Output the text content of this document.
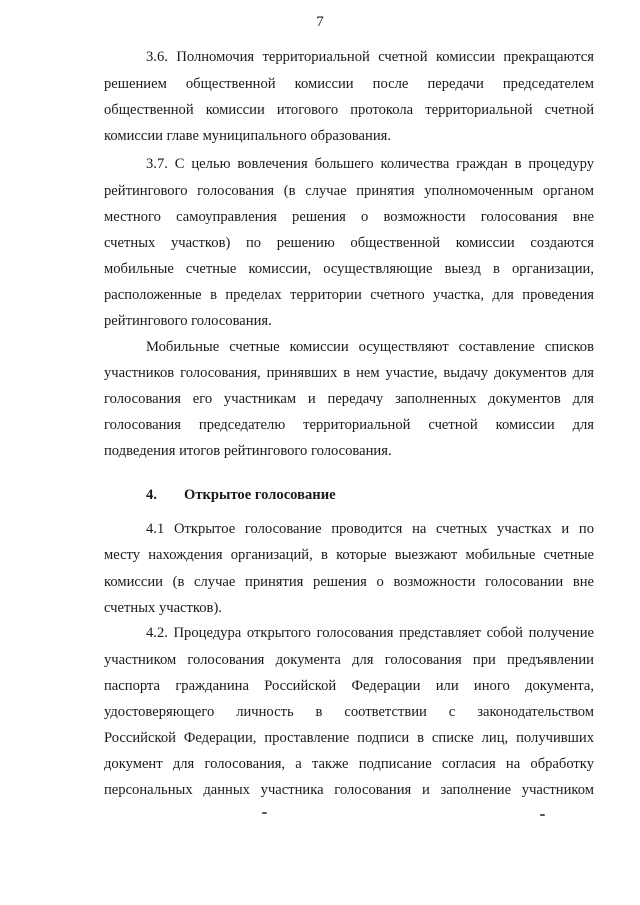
7
3.6. Полномочия территориальной счетной комиссии прекращаются
решением общественной комиссии после передачи председателем
общественной комиссии итогового протокола территориальной счетной
комиссии главе муниципального образования.
3.7. С целью вовлечения большего количества граждан в процедуру
рейтингового голосования (в случае принятия уполномоченным органом
местного самоуправления решения о возможности голосования вне
счетных участков) по решению общественной комиссии создаются
мобильные счетные комиссии, осуществляющие выезд в организации,
расположенные в пределах территории счетного участка, для проведения
рейтингового голосования.
Мобильные счетные комиссии осуществляют составление списков
участников голосования, принявших в нем участие, выдачу документов для
голосования его участникам и передачу заполненных документов для
голосования председателю территориальной счетной комиссии для
подведения итогов рейтингового голосования.
4. Открытое голосование
4.1 Открытое голосование проводится на счетных участках и по
месту нахождения организаций, в которые выезжают мобильные счетные
комиссии (в случае принятия решения о возможности голосовании вне
счетных участков).
4.2. Процедура открытого голосования представляет собой получение
участником голосования документа для голосования при предъявлении
паспорта гражданина Российской Федерации или иного документа,
удостоверяющего личность в соответствии с законодательством
Российской Федерации, проставление подписи в списке лиц, получивших
документ для голосования, а также подписание согласия на обработку
персональных данных участника голосования и заполнение участником
